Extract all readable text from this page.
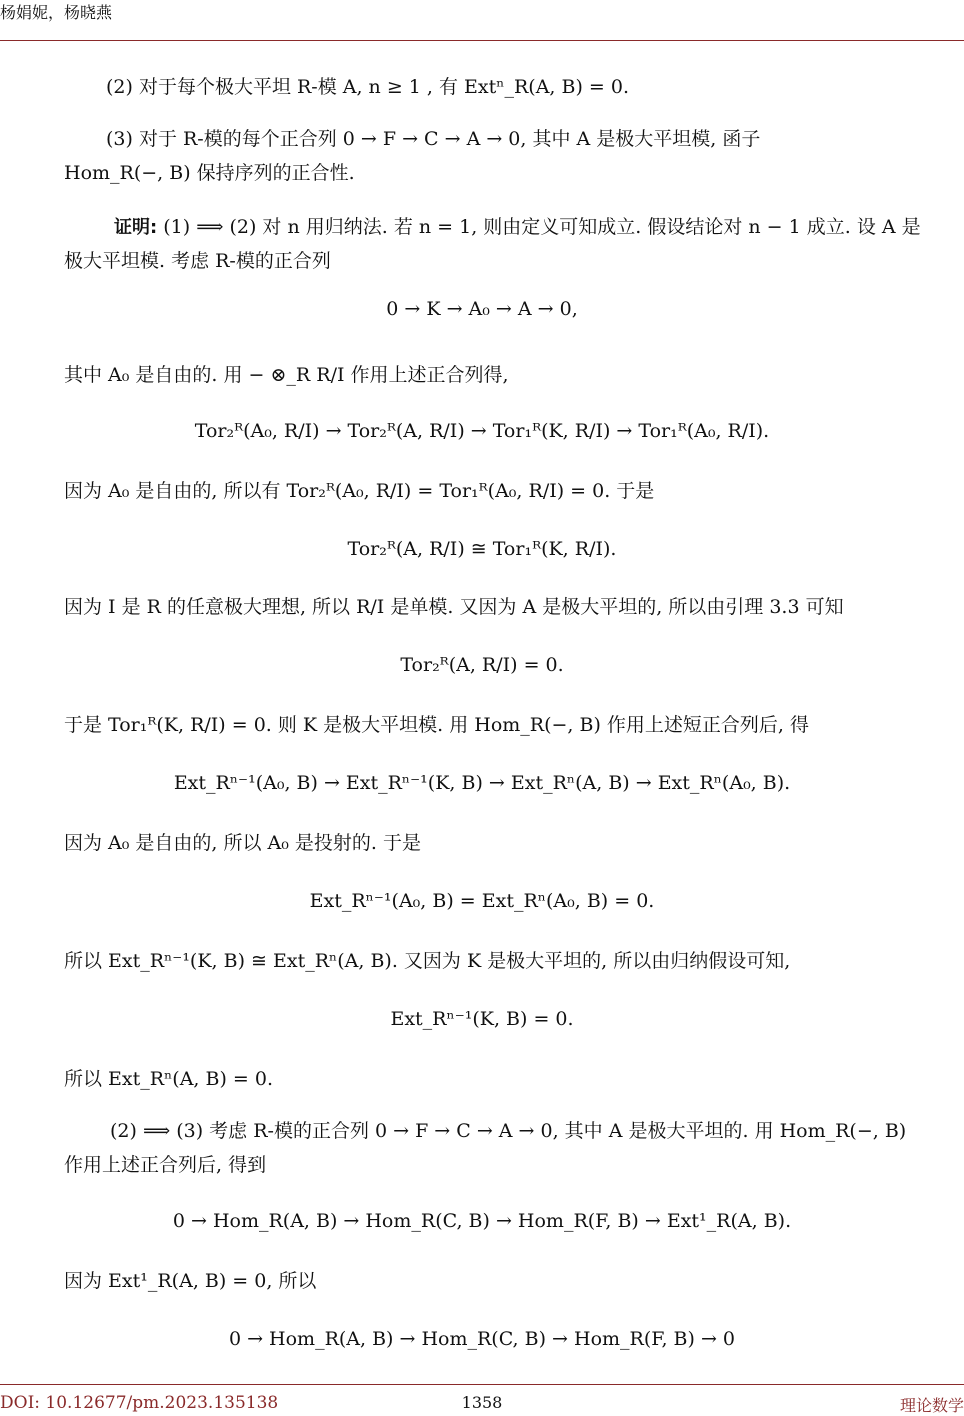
杨娟妮，杨晓燕
(2) 对于每个极大平坦 R-模 A, n ≥ 1 , 有 Extⁿ_R(A, B) = 0.
(3) 对于 R-模的每个正合列 0 → F → C → A → 0, 其中 A 是极大平坦模, 函子
Hom_R(−, B) 保持序列的正合性.
证明: (1) ⟹ (2) 对 n 用归纳法. 若 n = 1, 则由定义可知成立. 假设结论对 n − 1 成立. 设 A 是
极大平坦模. 考虑 R-模的正合列
0 → K → A₀ → A → 0,
其中 A₀ 是自由的. 用 − ⊗_R R/I 作用上述正合列得,
Tor₂ᴿ(A₀, R/I) → Tor₂ᴿ(A, R/I) → Tor₁ᴿ(K, R/I) → Tor₁ᴿ(A₀, R/I).
因为 A₀ 是自由的, 所以有 Tor₂ᴿ(A₀, R/I) = Tor₁ᴿ(A₀, R/I) = 0. 于是
Tor₂ᴿ(A, R/I) ≅ Tor₁ᴿ(K, R/I).
因为 I 是 R 的任意极大理想, 所以 R/I 是单模. 又因为 A 是极大平坦的, 所以由引理 3.3 可知
Tor₂ᴿ(A, R/I) = 0.
于是 Tor₁ᴿ(K, R/I) = 0. 则 K 是极大平坦模. 用 Hom_R(−, B) 作用上述短正合列后, 得
Ext_Rⁿ⁻¹(A₀, B) → Ext_Rⁿ⁻¹(K, B) → Ext_Rⁿ(A, B) → Ext_Rⁿ(A₀, B).
因为 A₀ 是自由的, 所以 A₀ 是投射的. 于是
Ext_Rⁿ⁻¹(A₀, B) = Ext_Rⁿ(A₀, B) = 0.
所以 Ext_Rⁿ⁻¹(K, B) ≅ Ext_Rⁿ(A, B). 又因为 K 是极大平坦的, 所以由归纳假设可知,
Ext_Rⁿ⁻¹(K, B) = 0.
所以 Ext_Rⁿ(A, B) = 0.
(2) ⟹ (3) 考虑 R-模的正合列 0 → F → C → A → 0, 其中 A 是极大平坦的. 用 Hom_R(−, B)
作用上述正合列后, 得到
0 → Hom_R(A, B) → Hom_R(C, B) → Hom_R(F, B) → Ext¹_R(A, B).
因为 Ext¹_R(A, B) = 0, 所以
0 → Hom_R(A, B) → Hom_R(C, B) → Hom_R(F, B) → 0
DOI: 10.12677/pm.2023.135138	1358	理论数学
